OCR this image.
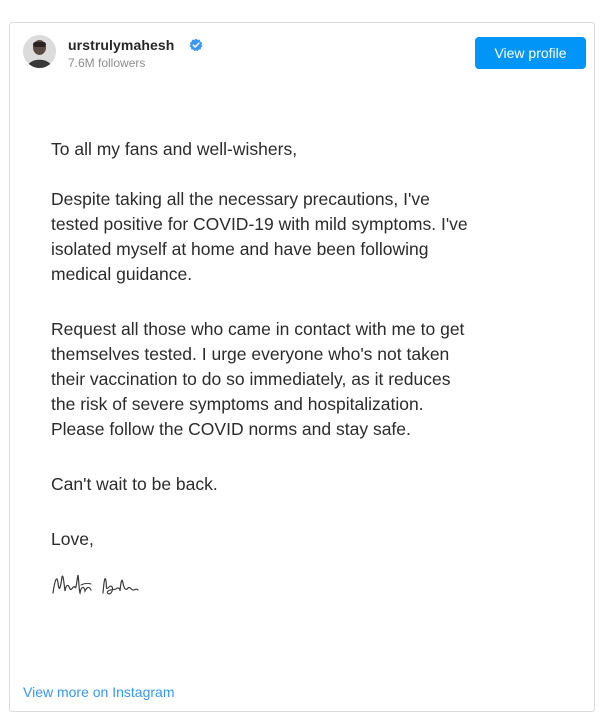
urstrulymahesh
7.6M followers
View profile

To all my fans and well-wishers,

Despite taking all the necessary precautions, I've
tested positive for COVID-19 with mild symptoms. I've
isolated myself at home and have been following
medical guidance.

Request all those who came in contact with me to get
themselves tested. I urge everyone who's not taken
their vaccination to do so immediately, as it reduces
the risk of severe symptoms and hospitalization.
Please follow the COVID norms and stay safe.

Can't wait to be back.

Love,

View more on Instagram
